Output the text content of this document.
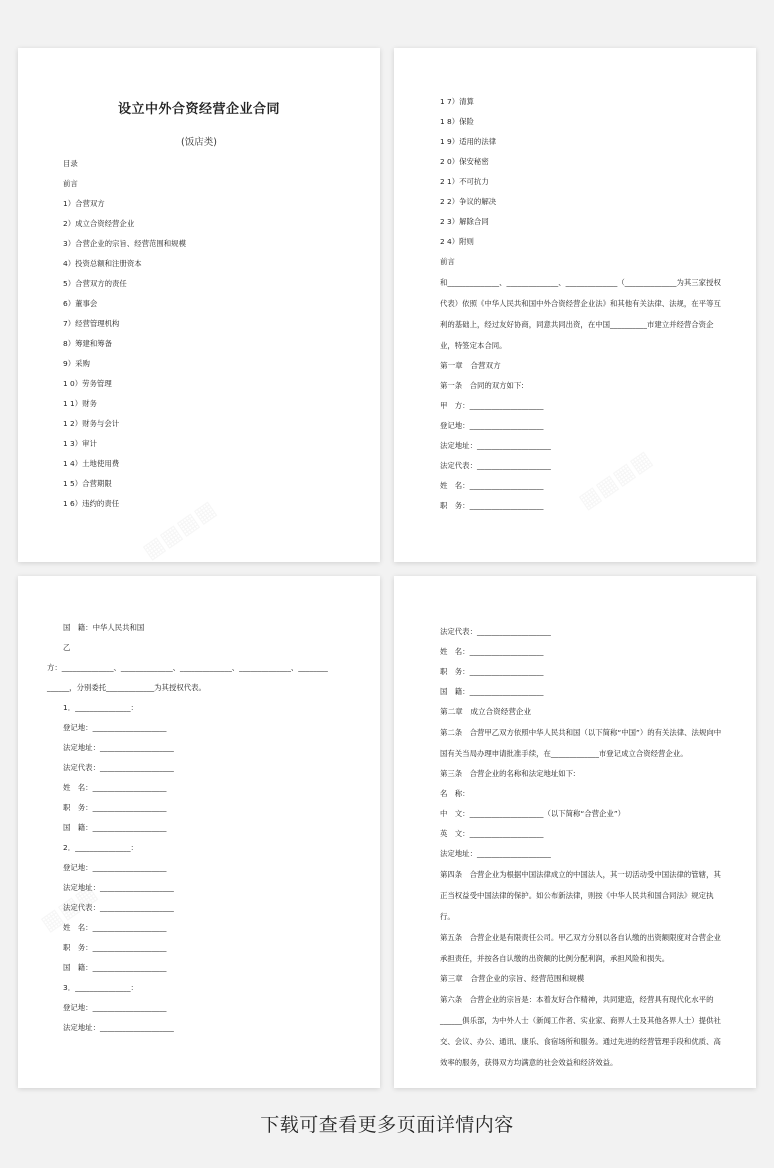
设立中外合资经营企业合同
(饭店类)
目录
前言
1）合营双方
2）成立合资经营企业
3）合营企业的宗旨、经营范围和规模
4）投资总额和注册资本
5）合营双方的责任
6）董事会
7）经营管理机构
8）筹建和筹备
9）采购
1 0）劳务管理
1 1）财务
1 2）财务与会计
1 3）审计
1 4）土地使用费
1 5）合营期限
1 6）违约的责任
1 7）清算
1 8）保险
1 9）适用的法律
2 0）保安秘密
2 1）不可抗力
2 2）争议的解决
2 3）解除合同
2 4）附则
前言
和______________、______________、______________（______________为其三家授权代表）依照《中华人民共和国中外合资经营企业法》和其他有关法律、法规，在平等互利的基础上，经过友好协商，同意共同出资，在中国__________市建立并经营合资企业，特签定本合同。
第一章　合营双方
第一条　合同的双方如下:
甲　方：____________________
登记地：____________________
法定地址：____________________
法定代表：____________________
姓　名：____________________
职　务：____________________
国　籍：中华人民共和国
乙
方：______________、______________、______________、______________、________
______，分别委托_____________为其授权代表。
1．_______________：
登记地：____________________
法定地址：____________________
法定代表：____________________
姓　名：____________________
职　务：____________________
国　籍：____________________
2．_______________：
登记地：____________________
法定地址：____________________
法定代表：____________________
姓　名：____________________
职　务：____________________
国　籍：____________________
3．_______________：
登记地：____________________
法定地址：____________________
法定代表：____________________
姓　名：____________________
职　务：____________________
国　籍：____________________
第二章　成立合资经营企业
第二条　合营甲乙双方依照中华人民共和国（以下简称“中国”）的有关法律、法规向中国有关当局办理申请批准手续，在_____________市登记成立合资经营企业。
第三条　合营企业的名称和法定地址如下:
名　称：
中　文：____________________（以下简称“合营企业”）
英　文：____________________
法定地址：____________________
第四条　合营企业为根据中国法律成立的中国法人，其一切活动受中国法律的管辖，其正当权益受中国法律的保护。如公布新法律，则按《中华人民共和国合同法》规定执行。
第五条　合营企业是有限责任公司。甲乙双方分别以各自认缴的出资额限度对合营企业承担责任，并按各自认缴的出资额的比例分配利润，承担风险和损失。
第三章　合营企业的宗旨、经营范围和规模
第六条　合营企业的宗旨是：本着友好合作精神，共同建造，经营具有现代化水平的______俱乐部，为中外人士（新闻工作者、实业家、商界人士及其他各界人士）提供社交、会议、办公、通讯、康乐、食宿场所和服务。通过先进的经营管理手段和优质、高效率的服务，获得双方均满意的社会效益和经济效益。
下载可查看更多页面详情内容
